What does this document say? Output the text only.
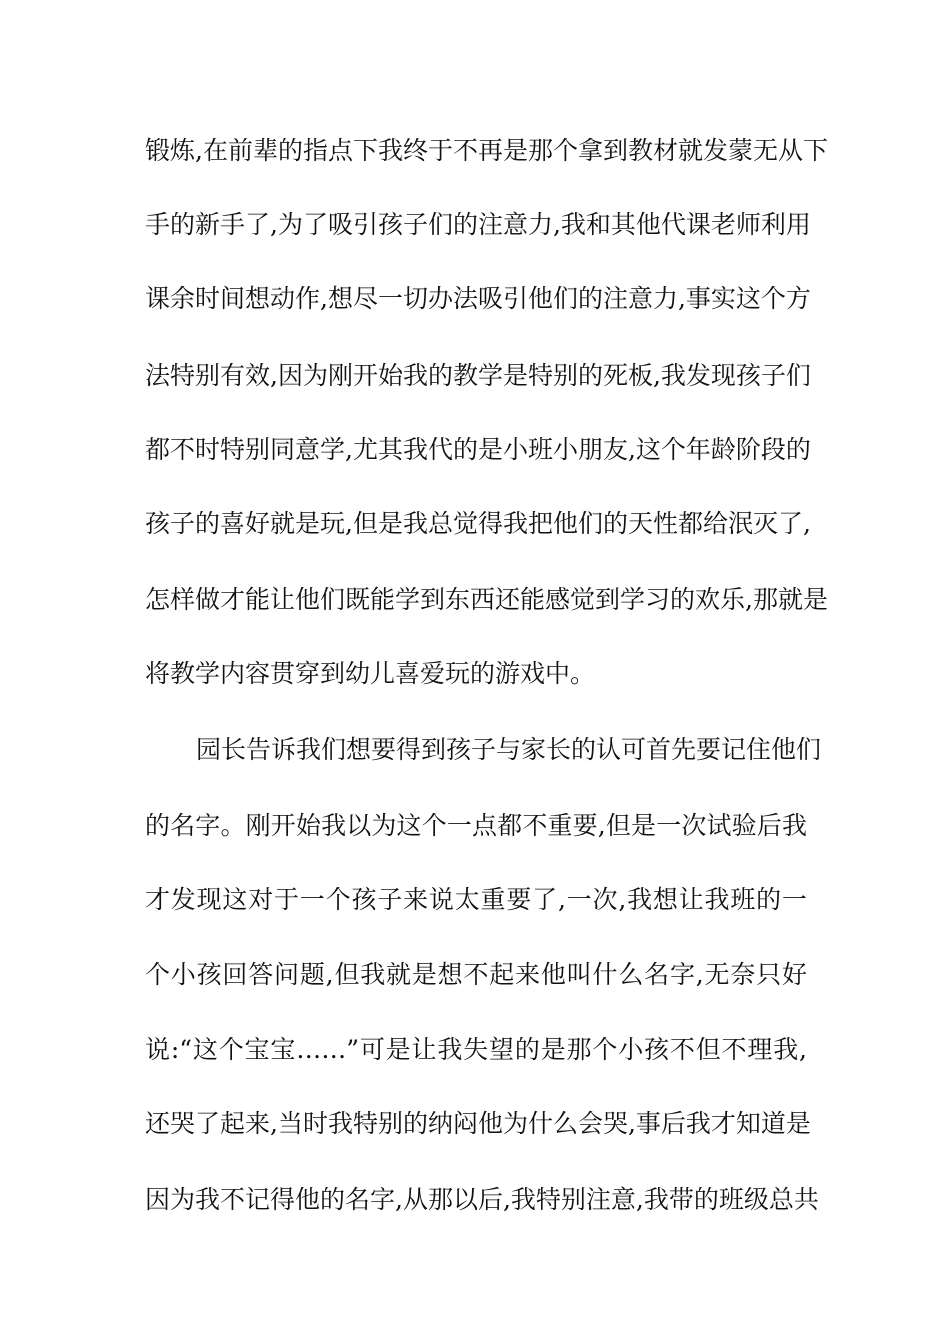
锻炼,在前辈的指点下我终于不再是那个拿到教材就发蒙无从下
手的新手了,为了吸引孩子们的注意力,我和其他代课老师利用
课余时间想动作,想尽一切办法吸引他们的注意力,事实这个方
法特别有效,因为刚开始我的教学是特别的死板,我发现孩子们
都不时特别同意学,尤其我代的是小班小朋友,这个年龄阶段的
孩子的喜好就是玩,但是我总觉得我把他们的天性都给泯灭了,
怎样做才能让他们既能学到东西还能感觉到学习的欢乐,那就是
将教学内容贯穿到幼儿喜爱玩的游戏中。
园长告诉我们想要得到孩子与家长的认可首先要记住他们
的名字。刚开始我以为这个一点都不重要,但是一次试验后我
才发现这对于一个孩子来说太重要了,一次,我想让我班的一
个小孩回答问题,但我就是想不起来他叫什么名字,无奈只好
说:“这个宝宝……”可是让我失望的是那个小孩不但不理我,
还哭了起来,当时我特别的纳闷他为什么会哭,事后我才知道是
因为我不记得他的名字,从那以后,我特别注意,我带的班级总共
